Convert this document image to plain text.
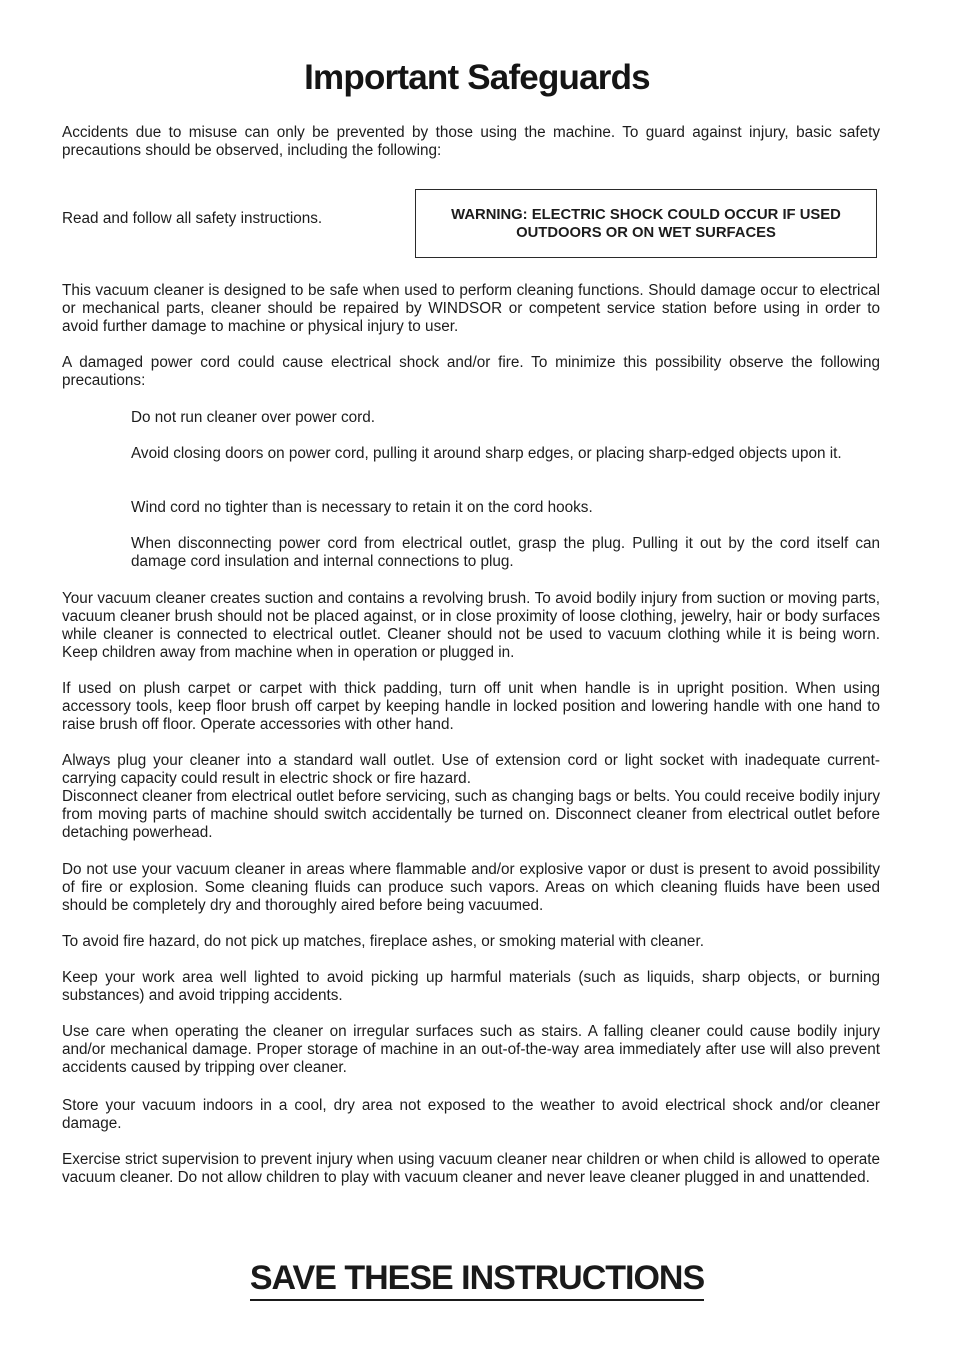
Important Safeguards

Accidents due to misuse can only be prevented by those using the machine. To guard against injury, basic safety precautions should be observed, including the following:

Read and follow all safety instructions.	WARNING: ELECTRIC SHOCK COULD OCCUR IF USED OUTDOORS OR ON WET SURFACES

This vacuum cleaner is designed to be safe when used to perform cleaning functions. Should damage occur to electrical or mechanical parts, cleaner should be repaired by WINDSOR or competent service station before using in order to avoid further damage to machine or physical injury to user.

A damaged power cord could cause electrical shock and/or fire. To minimize this possibility observe the following precautions:

Do not run cleaner over power cord.

Avoid closing doors on power cord, pulling it around sharp edges, or placing sharp-edged objects upon it.

Wind cord no tighter than is necessary to retain it on the cord hooks.

When disconnecting power cord from electrical outlet, grasp the plug. Pulling it out by the cord itself can damage cord insulation and internal connections to plug.

Your vacuum cleaner creates suction and contains a revolving brush. To avoid bodily injury from suction or moving parts, vacuum cleaner brush should not be placed against, or in close proximity of loose clothing, jewelry, hair or body surfaces while cleaner is connected to electrical outlet. Cleaner should not be used to vacuum clothing while it is being worn. Keep children away from machine when in operation or plugged in.

If used on plush carpet or carpet with thick padding, turn off unit when handle is in upright position. When using accessory tools, keep floor brush off carpet by keeping handle in locked position and lowering handle with one hand to raise brush off floor. Operate accessories with other hand.

Always plug your cleaner into a standard wall outlet. Use of extension cord or light socket with inadequate current-carrying capacity could result in electric shock or fire hazard.

Disconnect cleaner from electrical outlet before servicing, such as changing bags or belts. You could receive bodily injury from moving parts of machine should switch accidentally be turned on. Disconnect cleaner from electrical outlet before detaching powerhead.

Do not use your vacuum cleaner in areas where flammable and/or explosive vapor or dust is present to avoid possibility of fire or explosion. Some cleaning fluids can produce such vapors. Areas on which cleaning fluids have been used should be completely dry and thoroughly aired before being vacuumed.

To avoid fire hazard, do not pick up matches, fireplace ashes, or smoking material with cleaner.

Keep your work area well lighted to avoid picking up harmful materials (such as liquids, sharp objects, or burning substances) and avoid tripping accidents.

Use care when operating the cleaner on irregular surfaces such as stairs. A falling cleaner could cause bodily injury and/or mechanical damage. Proper storage of machine in an out-of-the-way area immediately after use will also prevent accidents caused by tripping over cleaner.

Store your vacuum indoors in a cool, dry area not exposed to the weather to avoid electrical shock and/or cleaner damage.

Exercise strict supervision to prevent injury when using vacuum cleaner near children or when child is allowed to operate vacuum cleaner. Do not allow children to play with vacuum cleaner and never leave cleaner plugged in and unattended.

SAVE THESE INSTRUCTIONS
